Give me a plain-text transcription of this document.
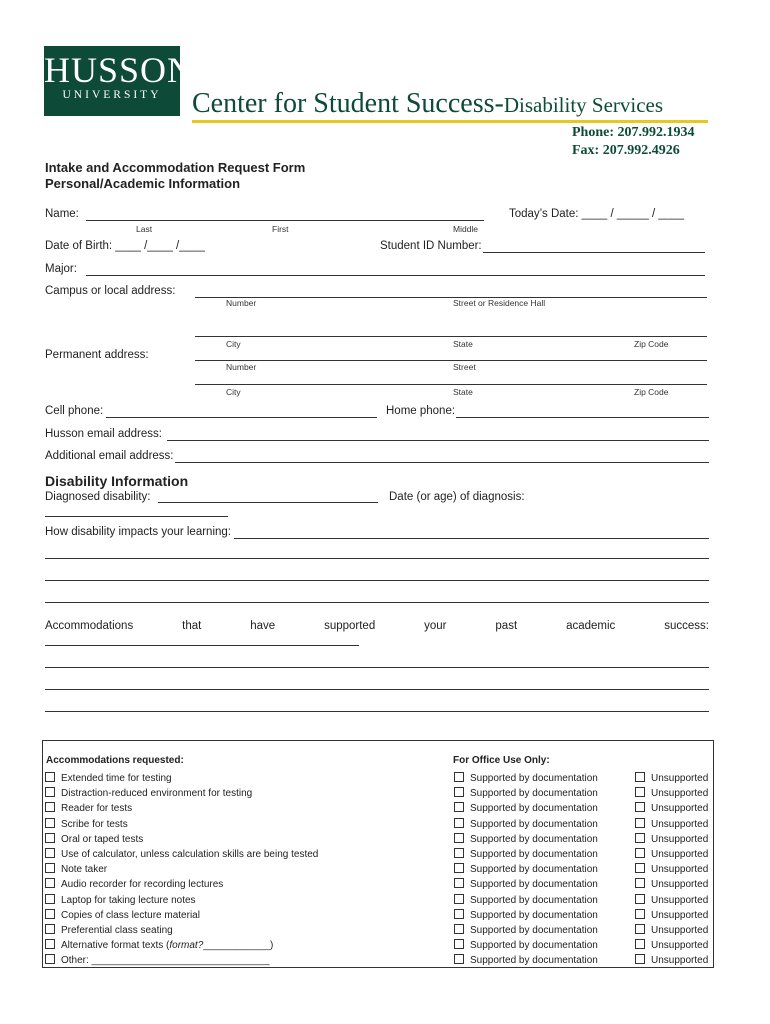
HUSSON
UNIVERSITY	Center for Student Success-Disability Services
Phone: 207.992.1934
Fax: 207.992.4926
Intake and Accommodation Request Form
Personal/Academic Information
Name:
Last	First	Middle
Today’s Date: ____ / _____ / ____
Date of Birth: ____ /____ /____	Student ID Number:
Major:
Campus or local address:
Number	Street or Residence Hall
City	State	Zip Code
Permanent address:
Number	Street
City	State	Zip Code
Cell phone:	Home phone:
Husson email address:
Additional email address:
Disability Information
Diagnosed disability:	Date (or age) of diagnosis:
How disability impacts your learning:
Accommodations	that	have	supported	your	past	academic	success:
Accommodations requested:	For Office Use Only:
Extended time for testing	Supported by documentation	Unsupported
Distraction-reduced environment for testing	Supported by documentation	Unsupported
Reader for tests	Supported by documentation	Unsupported
Scribe for tests	Supported by documentation	Unsupported
Oral or taped tests	Supported by documentation	Unsupported
Use of calculator, unless calculation skills are being tested	Supported by documentation	Unsupported
Note taker	Supported by documentation	Unsupported
Audio recorder for recording lectures	Supported by documentation	Unsupported
Laptop for taking lecture notes	Supported by documentation	Unsupported
Copies of class lecture material	Supported by documentation	Unsupported
Preferential class seating	Supported by documentation	Unsupported
Alternative format texts (format?____________)	Supported by documentation	Unsupported
Other: ________________________________	Supported by documentation	Unsupported
